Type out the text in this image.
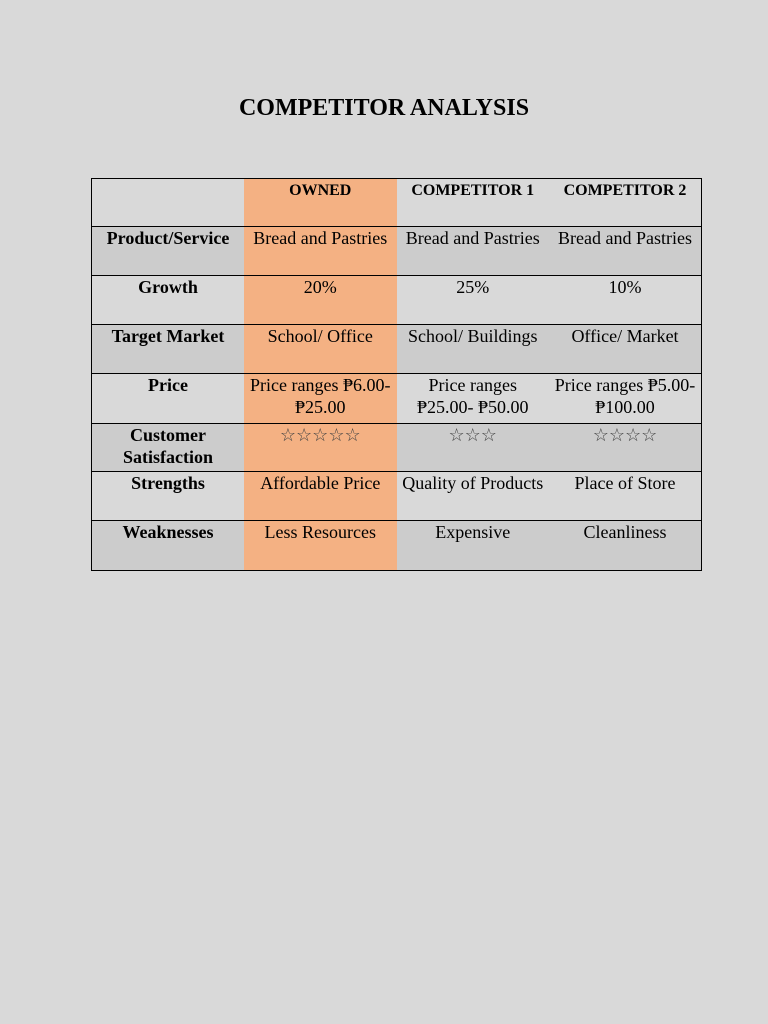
COMPETITOR ANALYSIS

	OWNED	COMPETITOR 1	COMPETITOR 2

Product/Service	Bread and Pastries	Bread and Pastries	Bread and Pastries
Growth	20%	25%	10%
Target Market	School/ Office	School/ Buildings	Office/ Market
Price	Price ranges ₱6.00- ₱25.00	Price ranges ₱25.00- ₱50.00	Price ranges ₱5.00- ₱100.00
Customer Satisfaction	☆☆☆☆☆	☆☆☆	☆☆☆☆
Strengths	Affordable Price	Quality of Products	Place of Store
Weaknesses	Less Resources	Expensive	Cleanliness
